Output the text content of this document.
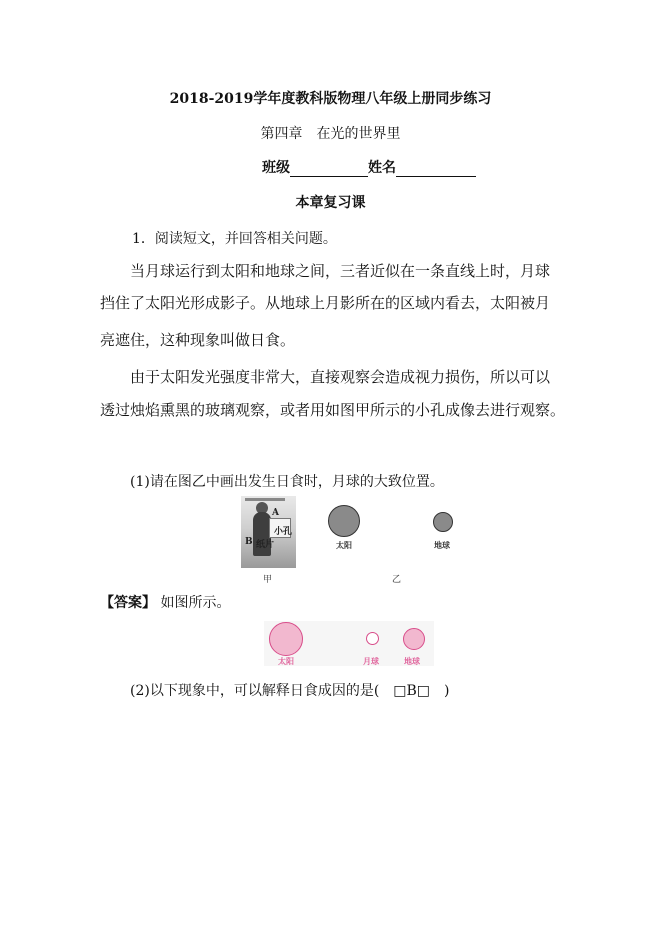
2018-2019学年度教科版物理八年级上册同步练习
第四章　在光的世界里
班级	姓名
本章复习课
1．阅读短文，并回答相关问题。
当月球运行到太阳和地球之间，三者近似在一条直线上时，月球
挡住了太阳光形成影子。从地球上月影所在的区域内看去，太阳被月
亮遮住，这种现象叫做日食。
由于太阳发光强度非常大，直接观察会造成视力损伤，所以可以
透过烛焰熏黑的玻璃观察，或者用如图甲所示的小孔成像去进行观察。
(1)请在图乙中画出发生日食时，月球的大致位置。
A
小孔
B 纸片
甲
太阳	地球
乙
【答案】 如图所示。
太阳	月球	地球
(2)以下现象中，可以解释日食成因的是(　□B□　)
